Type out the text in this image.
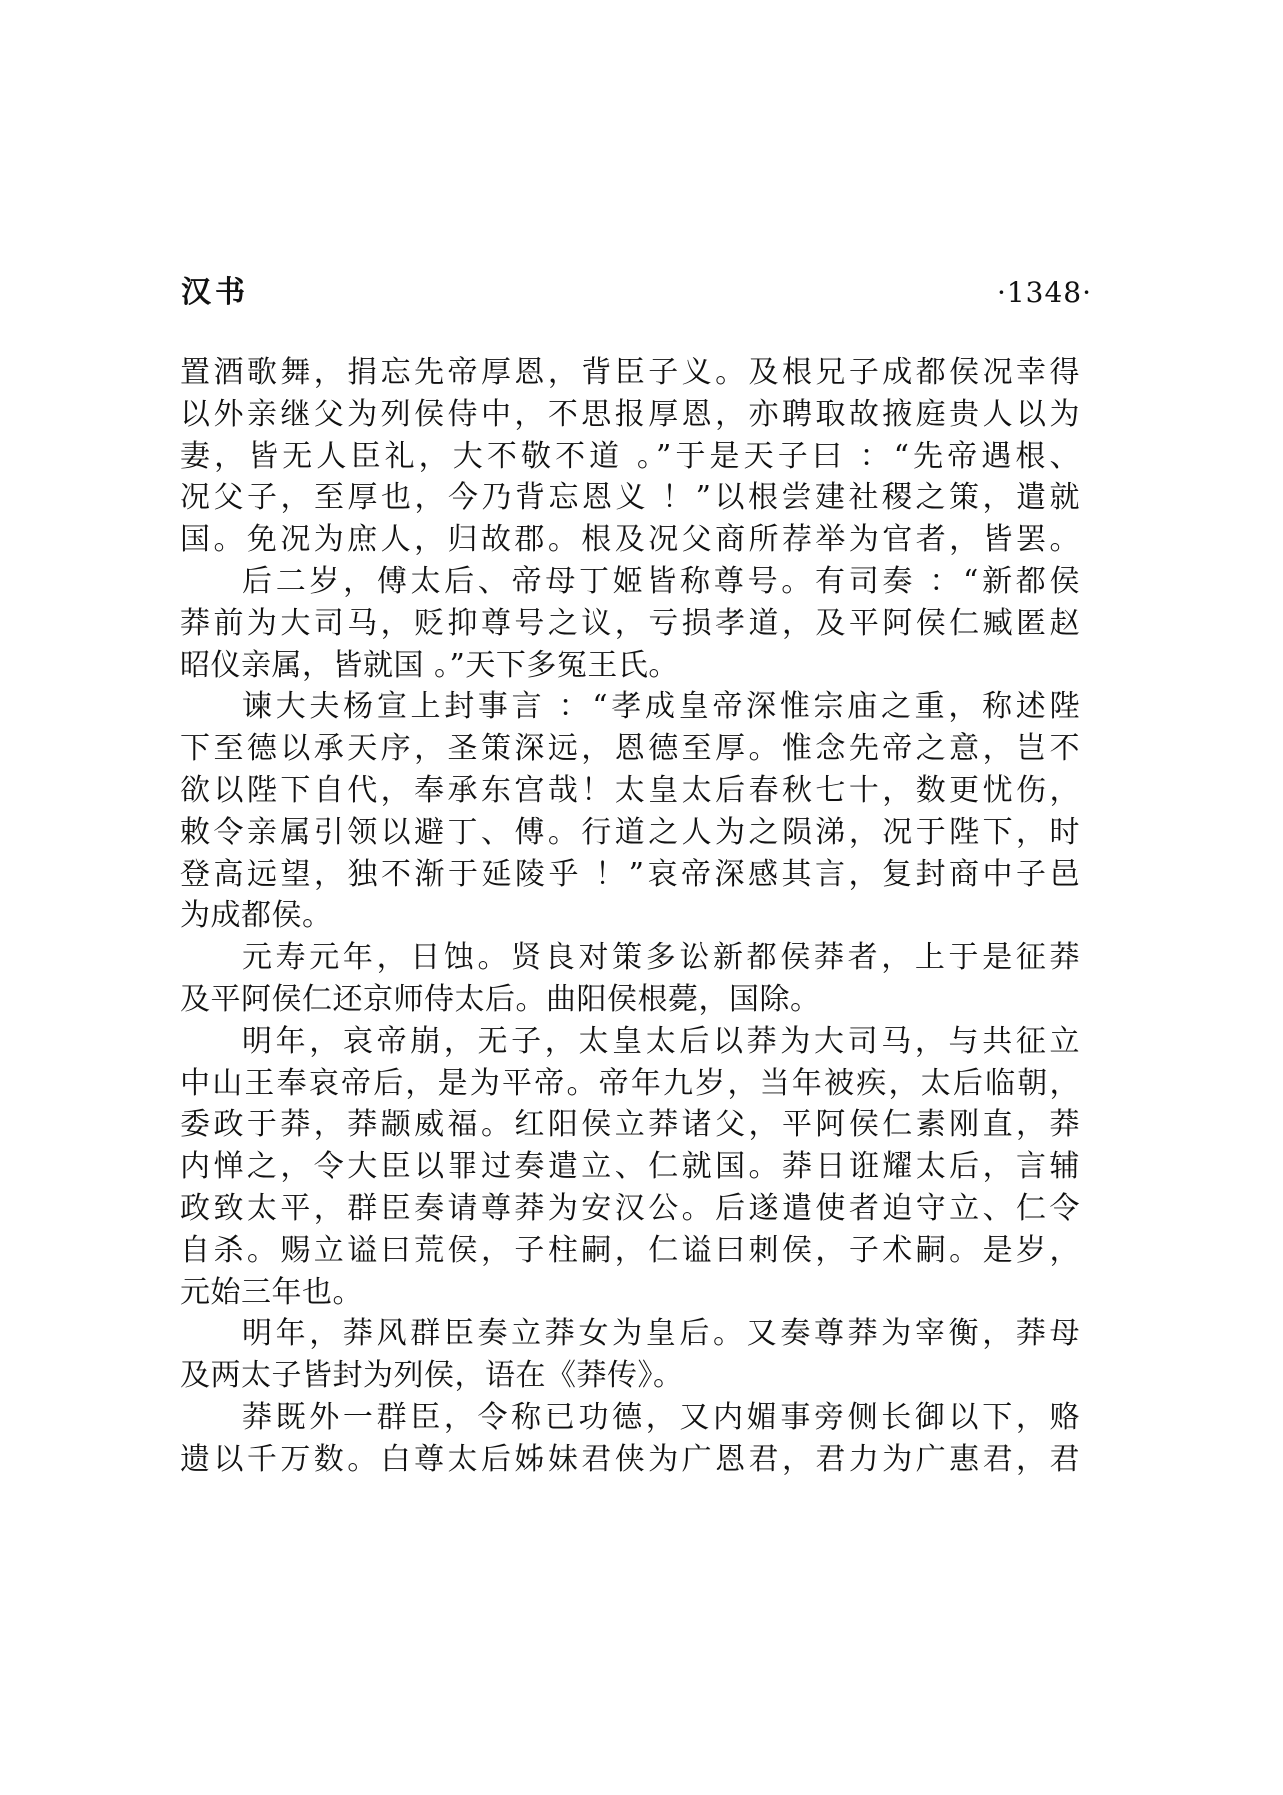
汉书	·1348·
置酒歌舞，捐忘先帝厚恩，背臣子义。及根兄子成都侯况幸得
以外亲继父为列侯侍中，不思报厚恩，亦聘取故掖庭贵人以为
妻，皆无人臣礼，大不敬不道 。”于是天子曰 ：“先帝遇根、
况父子，至厚也，今乃背忘恩义 ！”以根尝建社稷之策，遣就
国。免况为庶人，归故郡。根及况父商所荐举为官者，皆罢。
后二岁，傅太后、帝母丁姬皆称尊号。有司奏 ：“新都侯
莽前为大司马，贬抑尊号之议，亏损孝道，及平阿侯仁臧匿赵
昭仪亲属，皆就国 。”天下多冤王氏。
谏大夫杨宣上封事言 ：“孝成皇帝深惟宗庙之重，称述陛
下至德以承天序，圣策深远，恩德至厚。惟念先帝之意，岂不
欲以陛下自代，奉承东宫哉！太皇太后春秋七十，数更忧伤，
敕令亲属引领以避丁、傅。行道之人为之陨涕，况于陛下，时
登高远望，独不渐于延陵乎 ！”哀帝深感其言，复封商中子邑
为成都侯。
元寿元年，日蚀。贤良对策多讼新都侯莽者，上于是征莽
及平阿侯仁还京师侍太后。曲阳侯根薨，国除。
明年，哀帝崩，无子，太皇太后以莽为大司马，与共征立
中山王奉哀帝后，是为平帝。帝年九岁，当年被疾，太后临朝，
委政于莽，莽颛威福。红阳侯立莽诸父，平阿侯仁素刚直，莽
内惮之，令大臣以罪过奏遣立、仁就国。莽日诳耀太后，言辅
政致太平，群臣奏请尊莽为安汉公。后遂遣使者迫守立、仁令
自杀。赐立谥曰荒侯，子柱嗣，仁谥曰刺侯，子术嗣。是岁，
元始三年也。
明年，莽风群臣奏立莽女为皇后。又奏尊莽为宰衡，莽母
及两太子皆封为列侯，语在《莽传》。
莽既外一群臣，令称已功德，又内媚事旁侧长御以下，赂
遗以千万数。白尊太后姊妹君侠为广恩君，君力为广惠君，君
